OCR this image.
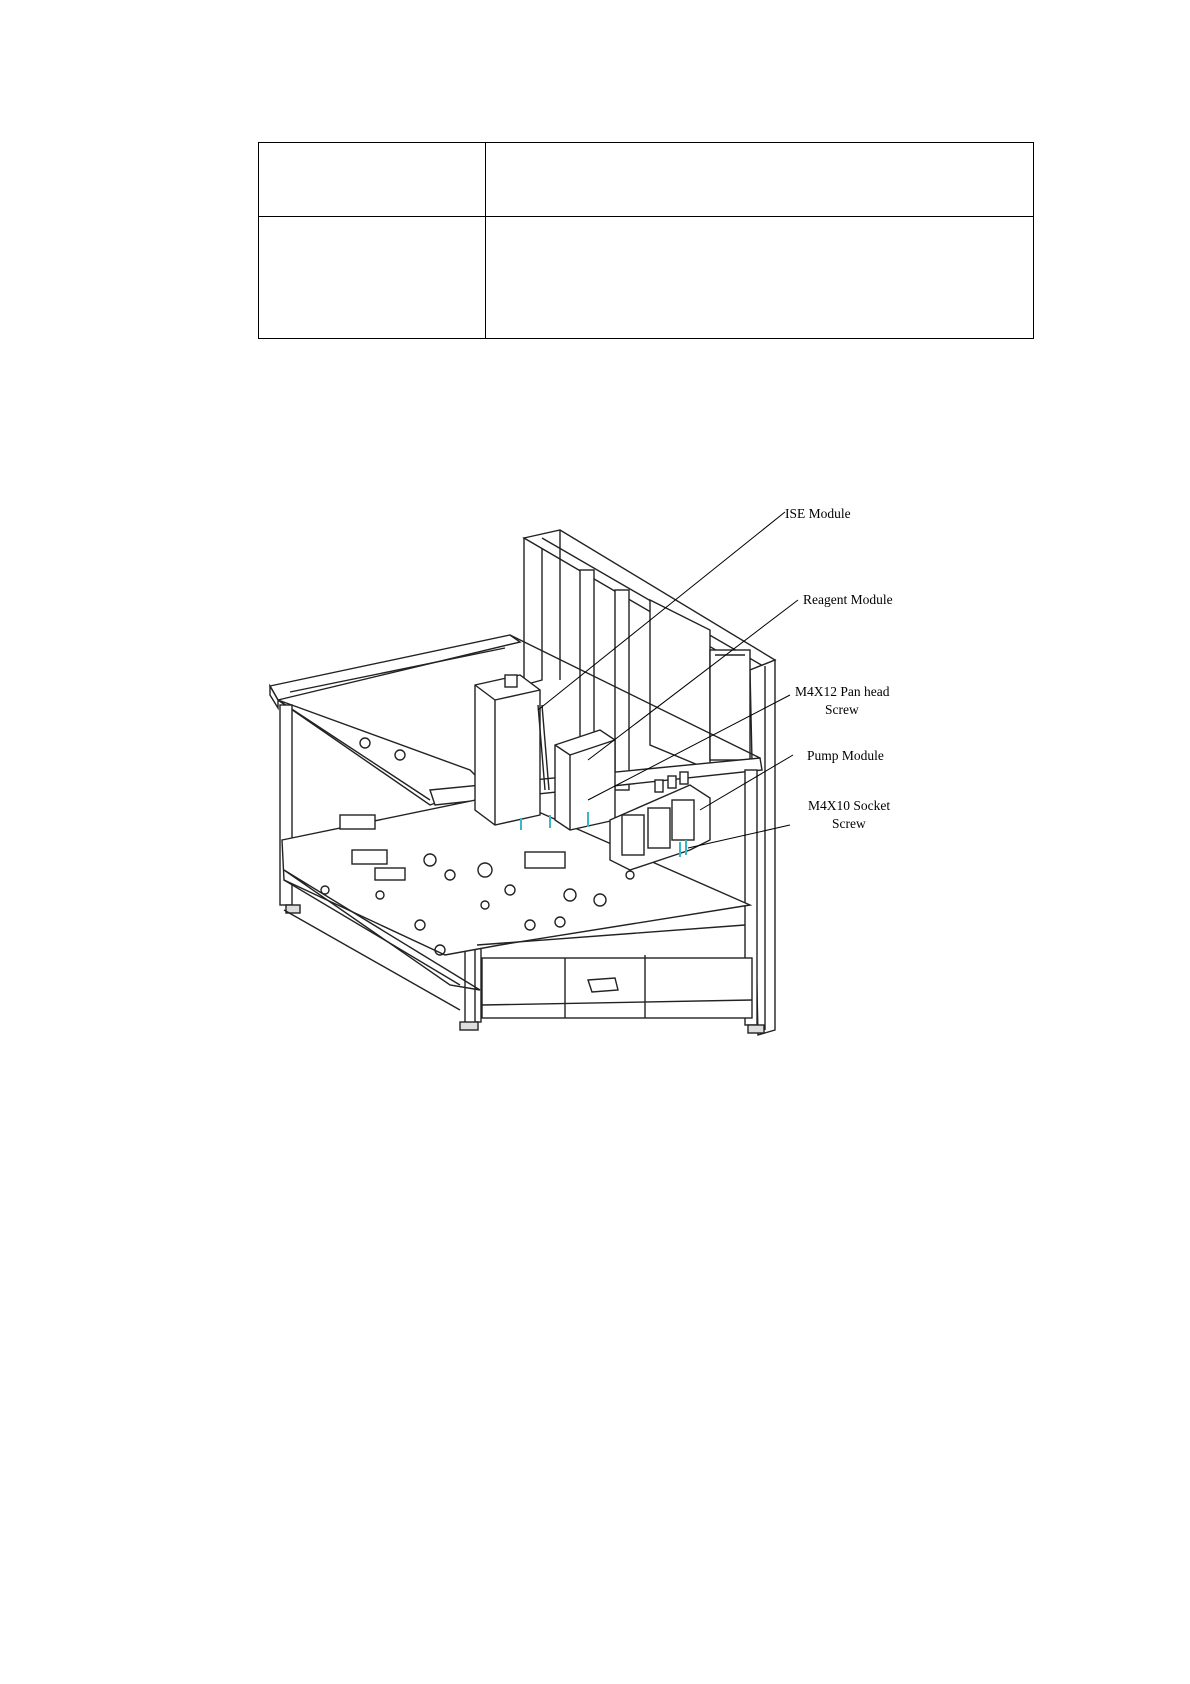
ISE Module
Reagent Module
M4X12 Pan head
Screw
Pump Module
M4X10 Socket
Screw
